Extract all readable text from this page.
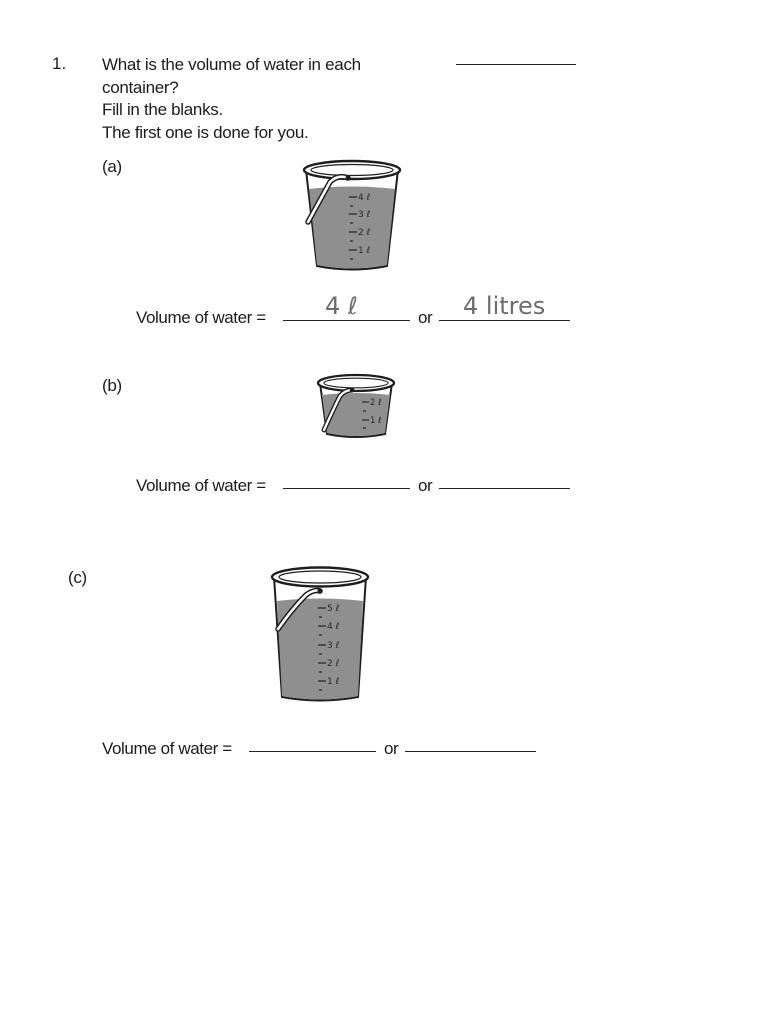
1. What is the volume of water in each
container?
Fill in the blanks.
The first one is done for you.
(a)
4 ℓ
3 ℓ
2 ℓ
1 ℓ
Volume of water =	or
4 ℓ	4 litres
(b)
2 ℓ
1 ℓ
Volume of water =	or
(c)
5 ℓ
4 ℓ
3 ℓ
2 ℓ
1 ℓ
Volume of water =	or
